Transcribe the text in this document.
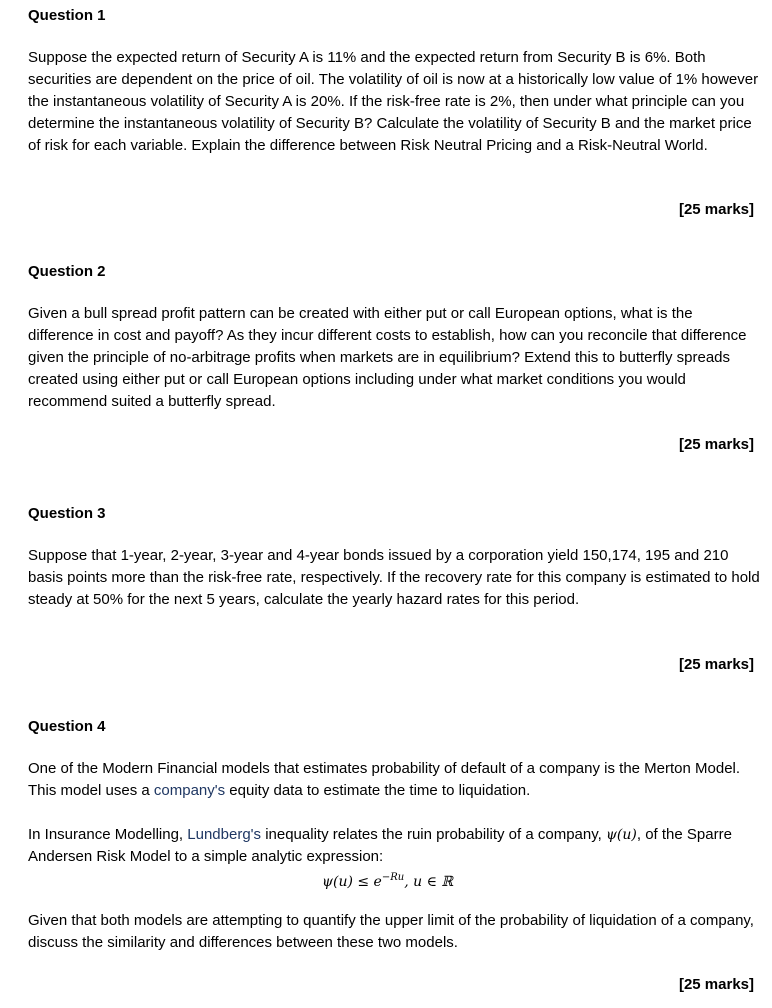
Question 1

Suppose the expected return of Security A is 11% and the expected return from Security B is 6%. Both securities are dependent on the price of oil. The volatility of oil is now at a historically low value of 1% however the instantaneous volatility of Security A is 20%. If the risk-free rate is 2%, then under what principle can you determine the instantaneous volatility of Security B? Calculate the volatility of Security B and the market price of risk for each variable. Explain the difference between Risk Neutral Pricing and a Risk-Neutral World.

[25 marks]
Question 2

Given a bull spread profit pattern can be created with either put or call European options, what is the difference in cost and payoff? As they incur different costs to establish, how can you reconcile that difference given the principle of no-arbitrage profits when markets are in equilibrium? Extend this to butterfly spreads created using either put or call European options including under what market conditions you would recommend suited a butterfly spread.

[25 marks]
Question 3

Suppose that 1-year, 2-year, 3-year and 4-year bonds issued by a corporation yield 150,174, 195 and 210 basis points more than the risk-free rate, respectively. If the recovery rate for this company is estimated to hold steady at 50% for the next 5 years, calculate the yearly hazard rates for this period.

[25 marks]
Question 4

One of the Modern Financial models that estimates probability of default of a company is the Merton Model. This model uses a company's equity data to estimate the time to liquidation.

In Insurance Modelling, Lundberg's inequality relates the ruin probability of a company, ψ(u), of the Sparre Andersen Risk Model to a simple analytic expression:

$\psi(u) \le e^{-Ru}$, u ∈ ℝ

Given that both models are attempting to quantify the upper limit of the probability of liquidation of a company, discuss the similarity and differences between these two models.

[25 marks]
